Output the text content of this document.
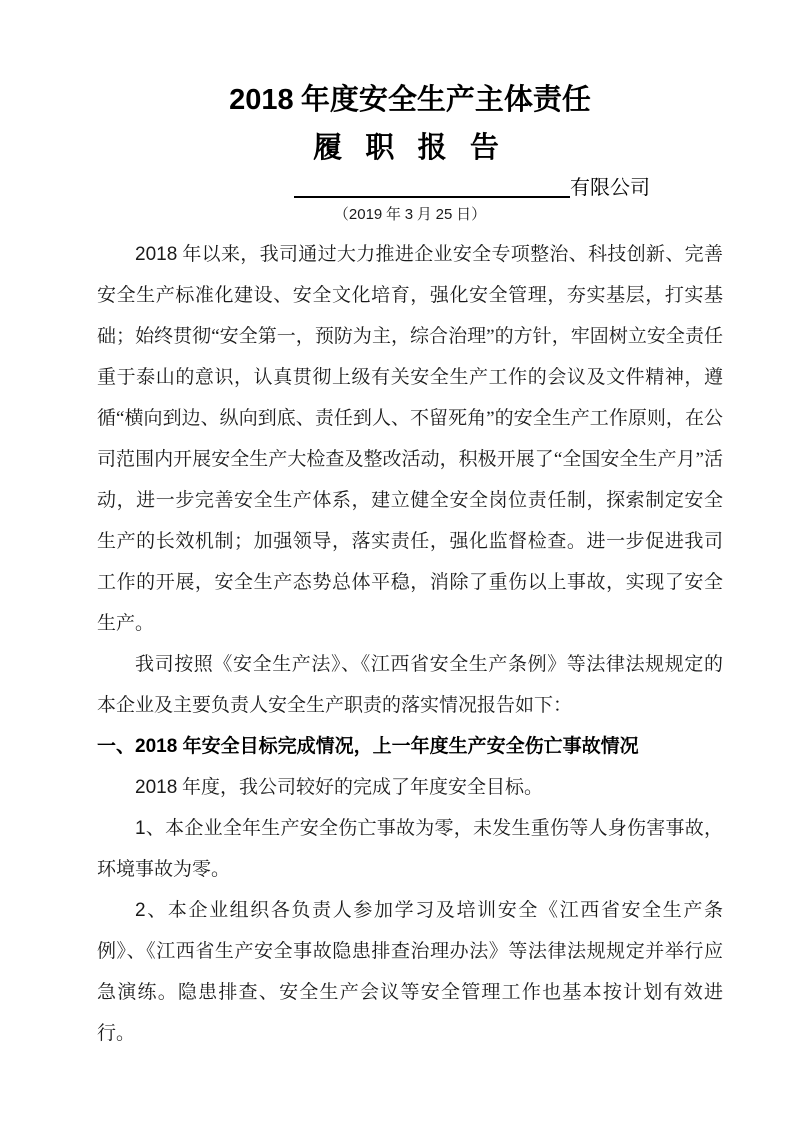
2018 年度安全生产主体责任
履 职 报 告
有限公司
（2019 年 3 月 25 日）

2018 年以来，我司通过大力推进企业安全专项整治、科技创新、完善安全生产标准化建设、安全文化培育，强化安全管理，夯实基层，打实基础；始终贯彻“安全第一，预防为主，综合治理”的方针，牢固树立安全责任重于泰山的意识，认真贯彻上级有关安全生产工作的会议及文件精神，遵循“横向到边、纵向到底、责任到人、不留死角”的安全生产工作原则，在公司范围内开展安全生产大检查及整改活动，积极开展了“全国安全生产月”活动，进一步完善安全生产体系，建立健全安全岗位责任制，探索制定安全生产的长效机制；加强领导，落实责任，强化监督检查。进一步促进我司工作的开展，安全生产态势总体平稳，消除了重伤以上事故，实现了安全生产。

我司按照《安全生产法》、《江西省安全生产条例》等法律法规规定的本企业及主要负责人安全生产职责的落实情况报告如下：

一、2018 年安全目标完成情况，上一年度生产安全伤亡事故情况

2018 年度，我公司较好的完成了年度安全目标。

1、本企业全年生产安全伤亡事故为零，未发生重伤等人身伤害事故，环境事故为零。

2、本企业组织各负责人参加学习及培训安全《江西省安全生产条例》、《江西省生产安全事故隐患排查治理办法》等法律法规规定并举行应急演练。隐患排查、安全生产会议等安全管理工作也基本按计划有效进行。
